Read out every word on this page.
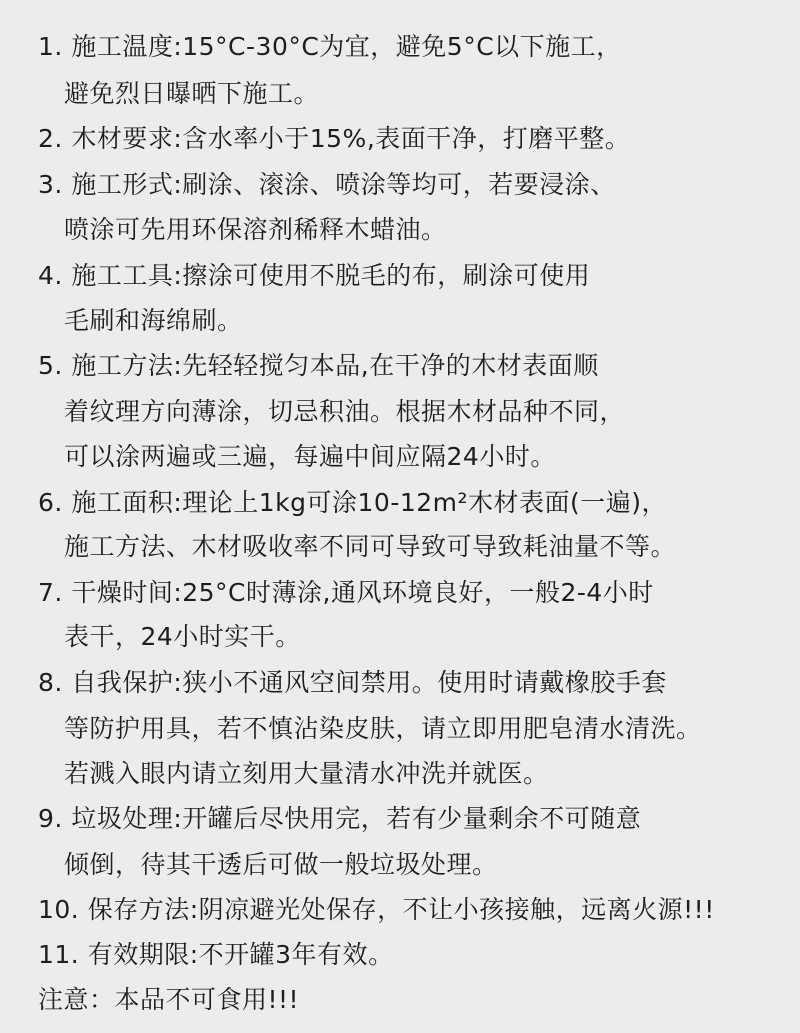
1. 施工温度:15°C-30°C为宜，避免5°C以下施工，
避免烈日曝晒下施工。
2. 木材要求:含水率小于15%,表面干净，打磨平整。
3. 施工形式:刷涂、滚涂、喷涂等均可，若要浸涂、
喷涂可先用环保溶剂稀释木蜡油。
4. 施工工具:擦涂可使用不脱毛的布，刷涂可使用
毛刷和海绵刷。
5. 施工方法:先轻轻搅匀本品,在干净的木材表面顺
着纹理方向薄涂，切忌积油。根据木材品种不同，
可以涂两遍或三遍，每遍中间应隔24小时。
6. 施工面积:理论上1kg可涂10-12m²木材表面(一遍)，
施工方法、木材吸收率不同可导致可导致耗油量不等。
7. 干燥时间:25°C时薄涂,通风环境良好，一般2-4小时
表干，24小时实干。
8. 自我保护:狭小不通风空间禁用。使用时请戴橡胶手套
等防护用具，若不慎沾染皮肤，请立即用肥皂清水清洗。
若溅入眼内请立刻用大量清水冲洗并就医。
9. 垃圾处理:开罐后尽快用完，若有少量剩余不可随意
倾倒，待其干透后可做一般垃圾处理。
10. 保存方法:阴凉避光处保存，不让小孩接触，远离火源!!!
11. 有效期限:不开罐3年有效。
注意：本品不可食用!!!
